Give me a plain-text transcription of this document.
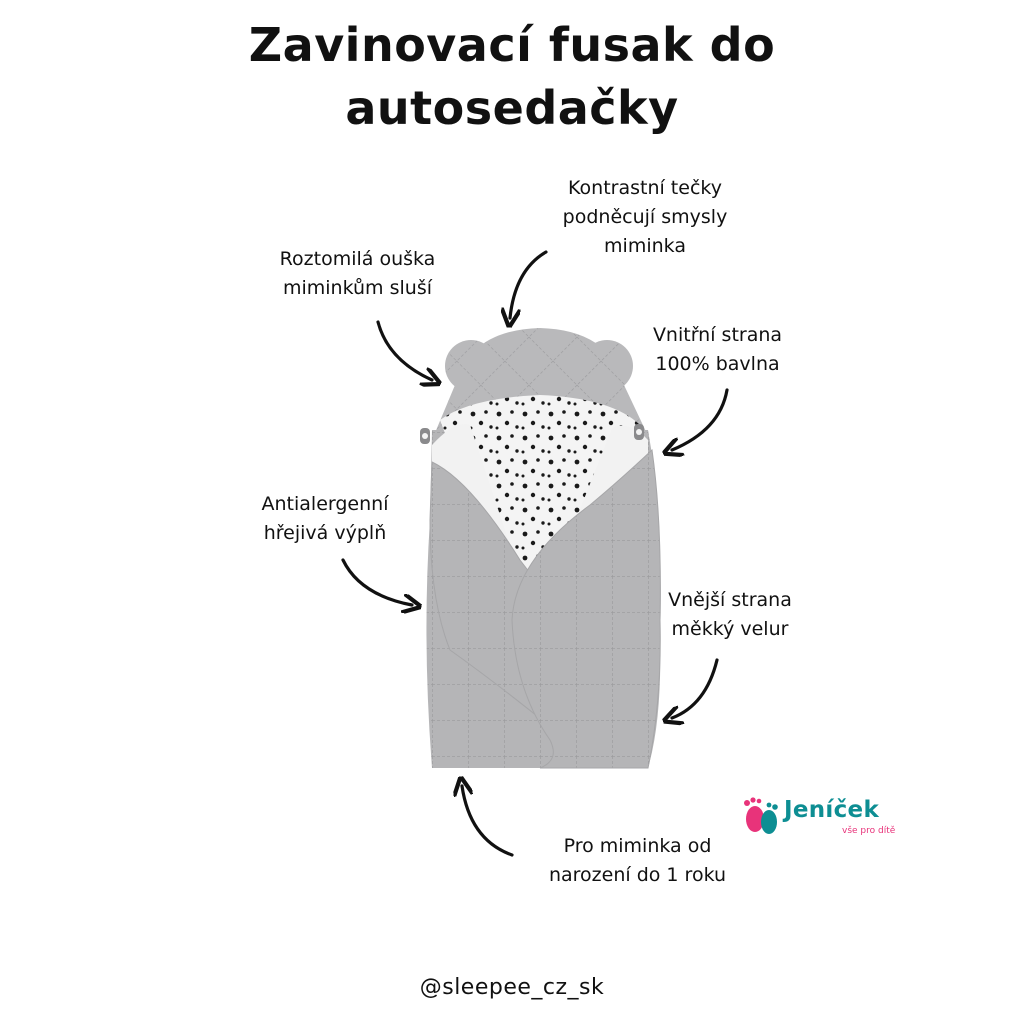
Zavinovací fusak do
autosedačky
Kontrastní tečky
podněcují smysly
miminka
Roztomilá ouška
miminkům sluší
Vnitřní strana
100% bavlna
Antialergenní
hřejivá výplň
Vnější strana
měkký velur
Pro miminka od
narození do 1 roku
Jeníček
vše pro dítě
@sleepee_cz_sk
